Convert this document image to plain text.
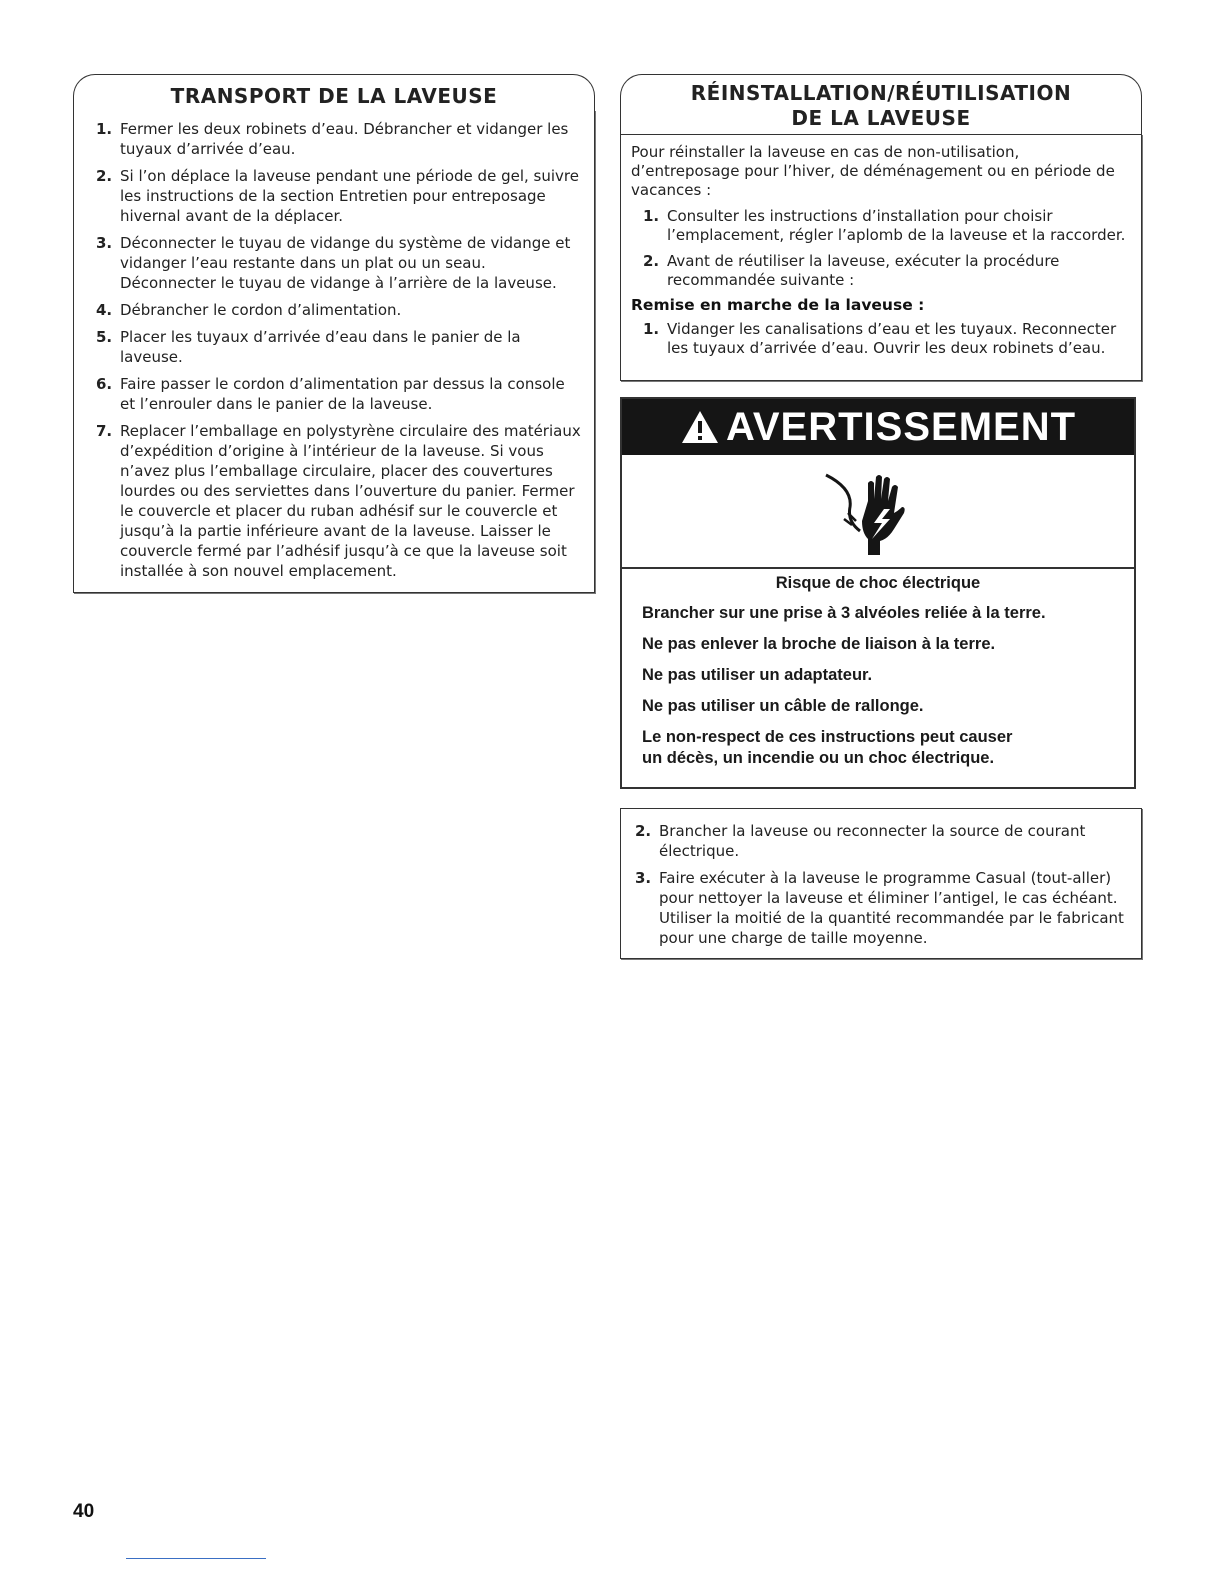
TRANSPORT DE LA LAVEUSE
1. Fermer les deux robinets d’eau. Débrancher et vidanger les tuyaux d’arrivée d’eau.
2. Si l’on déplace la laveuse pendant une période de gel, suivre les instructions de la section Entretien pour entreposage hivernal avant de la déplacer.
3. Déconnecter le tuyau de vidange du système de vidange et vidanger l’eau restante dans un plat ou un seau. Déconnecter le tuyau de vidange à l’arrière de la laveuse.
4. Débrancher le cordon d’alimentation.
5. Placer les tuyaux d’arrivée d’eau dans le panier de la laveuse.
6. Faire passer le cordon d’alimentation par dessus la console et l’enrouler dans le panier de la laveuse.
7. Replacer l’emballage en polystyrène circulaire des matériaux d’expédition d’origine à l’intérieur de la laveuse. Si vous n’avez plus l’emballage circulaire, placer des couvertures lourdes ou des serviettes dans l’ouverture du panier. Fermer le couvercle et placer du ruban adhésif sur le couvercle et jusqu’à la partie inférieure avant de la laveuse. Laisser le couvercle fermé par l’adhésif jusqu’à ce que la laveuse soit installée à son nouvel emplacement.
RÉINSTALLATION/RÉUTILISATION
DE LA LAVEUSE

Pour réinstaller la laveuse en cas de non-utilisation, d’entreposage pour l’hiver, de déménagement ou en période de vacances :

1. Consulter les instructions d’installation pour choisir l’emplacement, régler l’aplomb de la laveuse et la raccorder.
2. Avant de réutiliser la laveuse, exécuter la procédure recommandée suivante :
Remise en marche de la laveuse :
1. Vidanger les canalisations d’eau et les tuyaux. Reconnecter les tuyaux d’arrivée d’eau. Ouvrir les deux robinets d’eau.
AVERTISSEMENT

Risque de choc électrique

Brancher sur une prise à 3 alvéoles reliée à la terre.

Ne pas enlever la broche de liaison à la terre.

Ne pas utiliser un adaptateur.

Ne pas utiliser un câble de rallonge.

Le non-respect de ces instructions peut causer

un décès, un incendie ou un choc électrique.

2. Brancher la laveuse ou reconnecter la source de courant électrique.
3. Faire exécuter à la laveuse le programme Casual (tout-aller) pour nettoyer la laveuse et éliminer l’antigel, le cas échéant. Utiliser la moitié de la quantité recommandée par le fabricant pour une charge de taille moyenne.
40
